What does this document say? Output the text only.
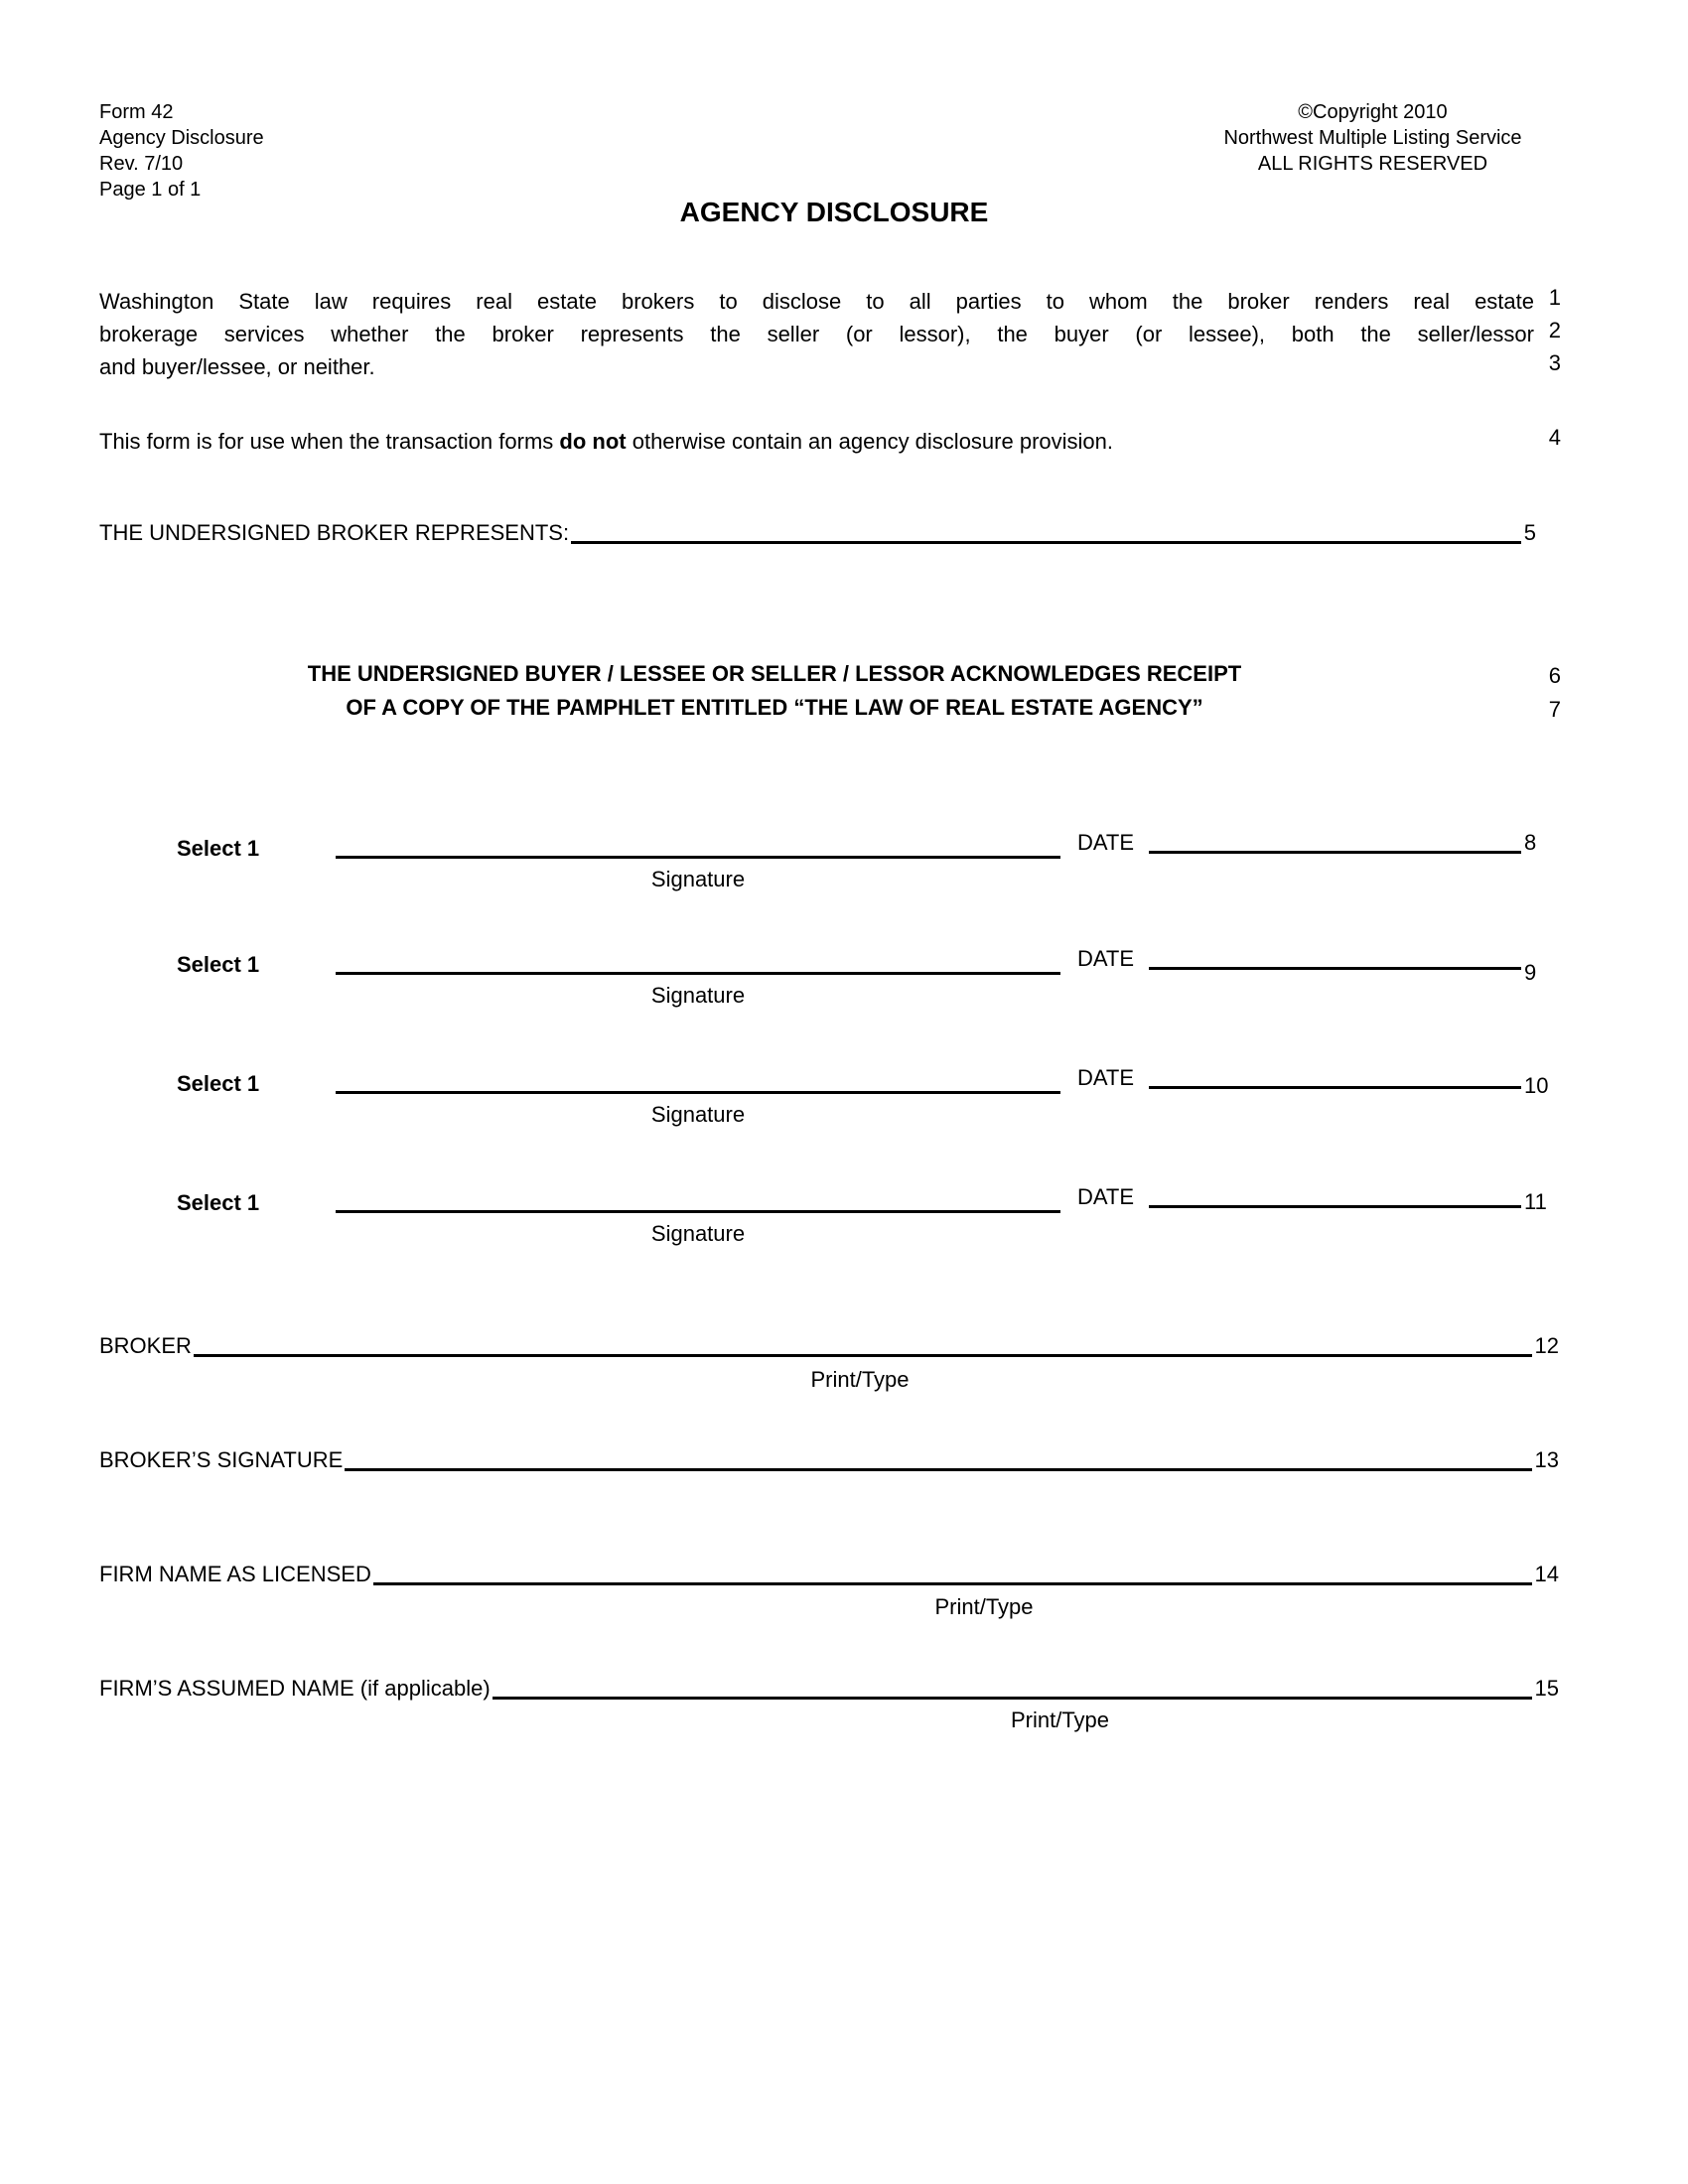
Form 42
Agency Disclosure
Rev. 7/10
Page 1 of 1
©Copyright 2010
Northwest Multiple Listing Service
ALL RIGHTS RESERVED
AGENCY DISCLOSURE
Washington State law requires real estate brokers to disclose to all parties to whom the broker renders real estate
brokerage services whether the broker represents the seller (or lessor), the buyer (or lessee), both the seller/lessor
and buyer/lessee, or neither.
1
2
3
This form is for use when the transaction forms do not otherwise contain an agency disclosure provision.	4
THE UNDERSIGNED BROKER REPRESENTS:	5
THE UNDERSIGNED BUYER / LESSEE OR SELLER / LESSOR ACKNOWLEDGES RECEIPT
OF A COPY OF THE PAMPHLET ENTITLED “THE LAW OF REAL ESTATE AGENCY”
6
7
Select 1
Signature
DATE	8
Select 1
Signature
DATE
9
Select 1
Signature
DATE	10
Select 1
Signature
DATE	11
BROKER	12
Print/Type
BROKER’S SIGNATURE	13
FIRM NAME AS LICENSED	14
Print/Type
FIRM’S ASSUMED NAME (if applicable)	15
Print/Type
